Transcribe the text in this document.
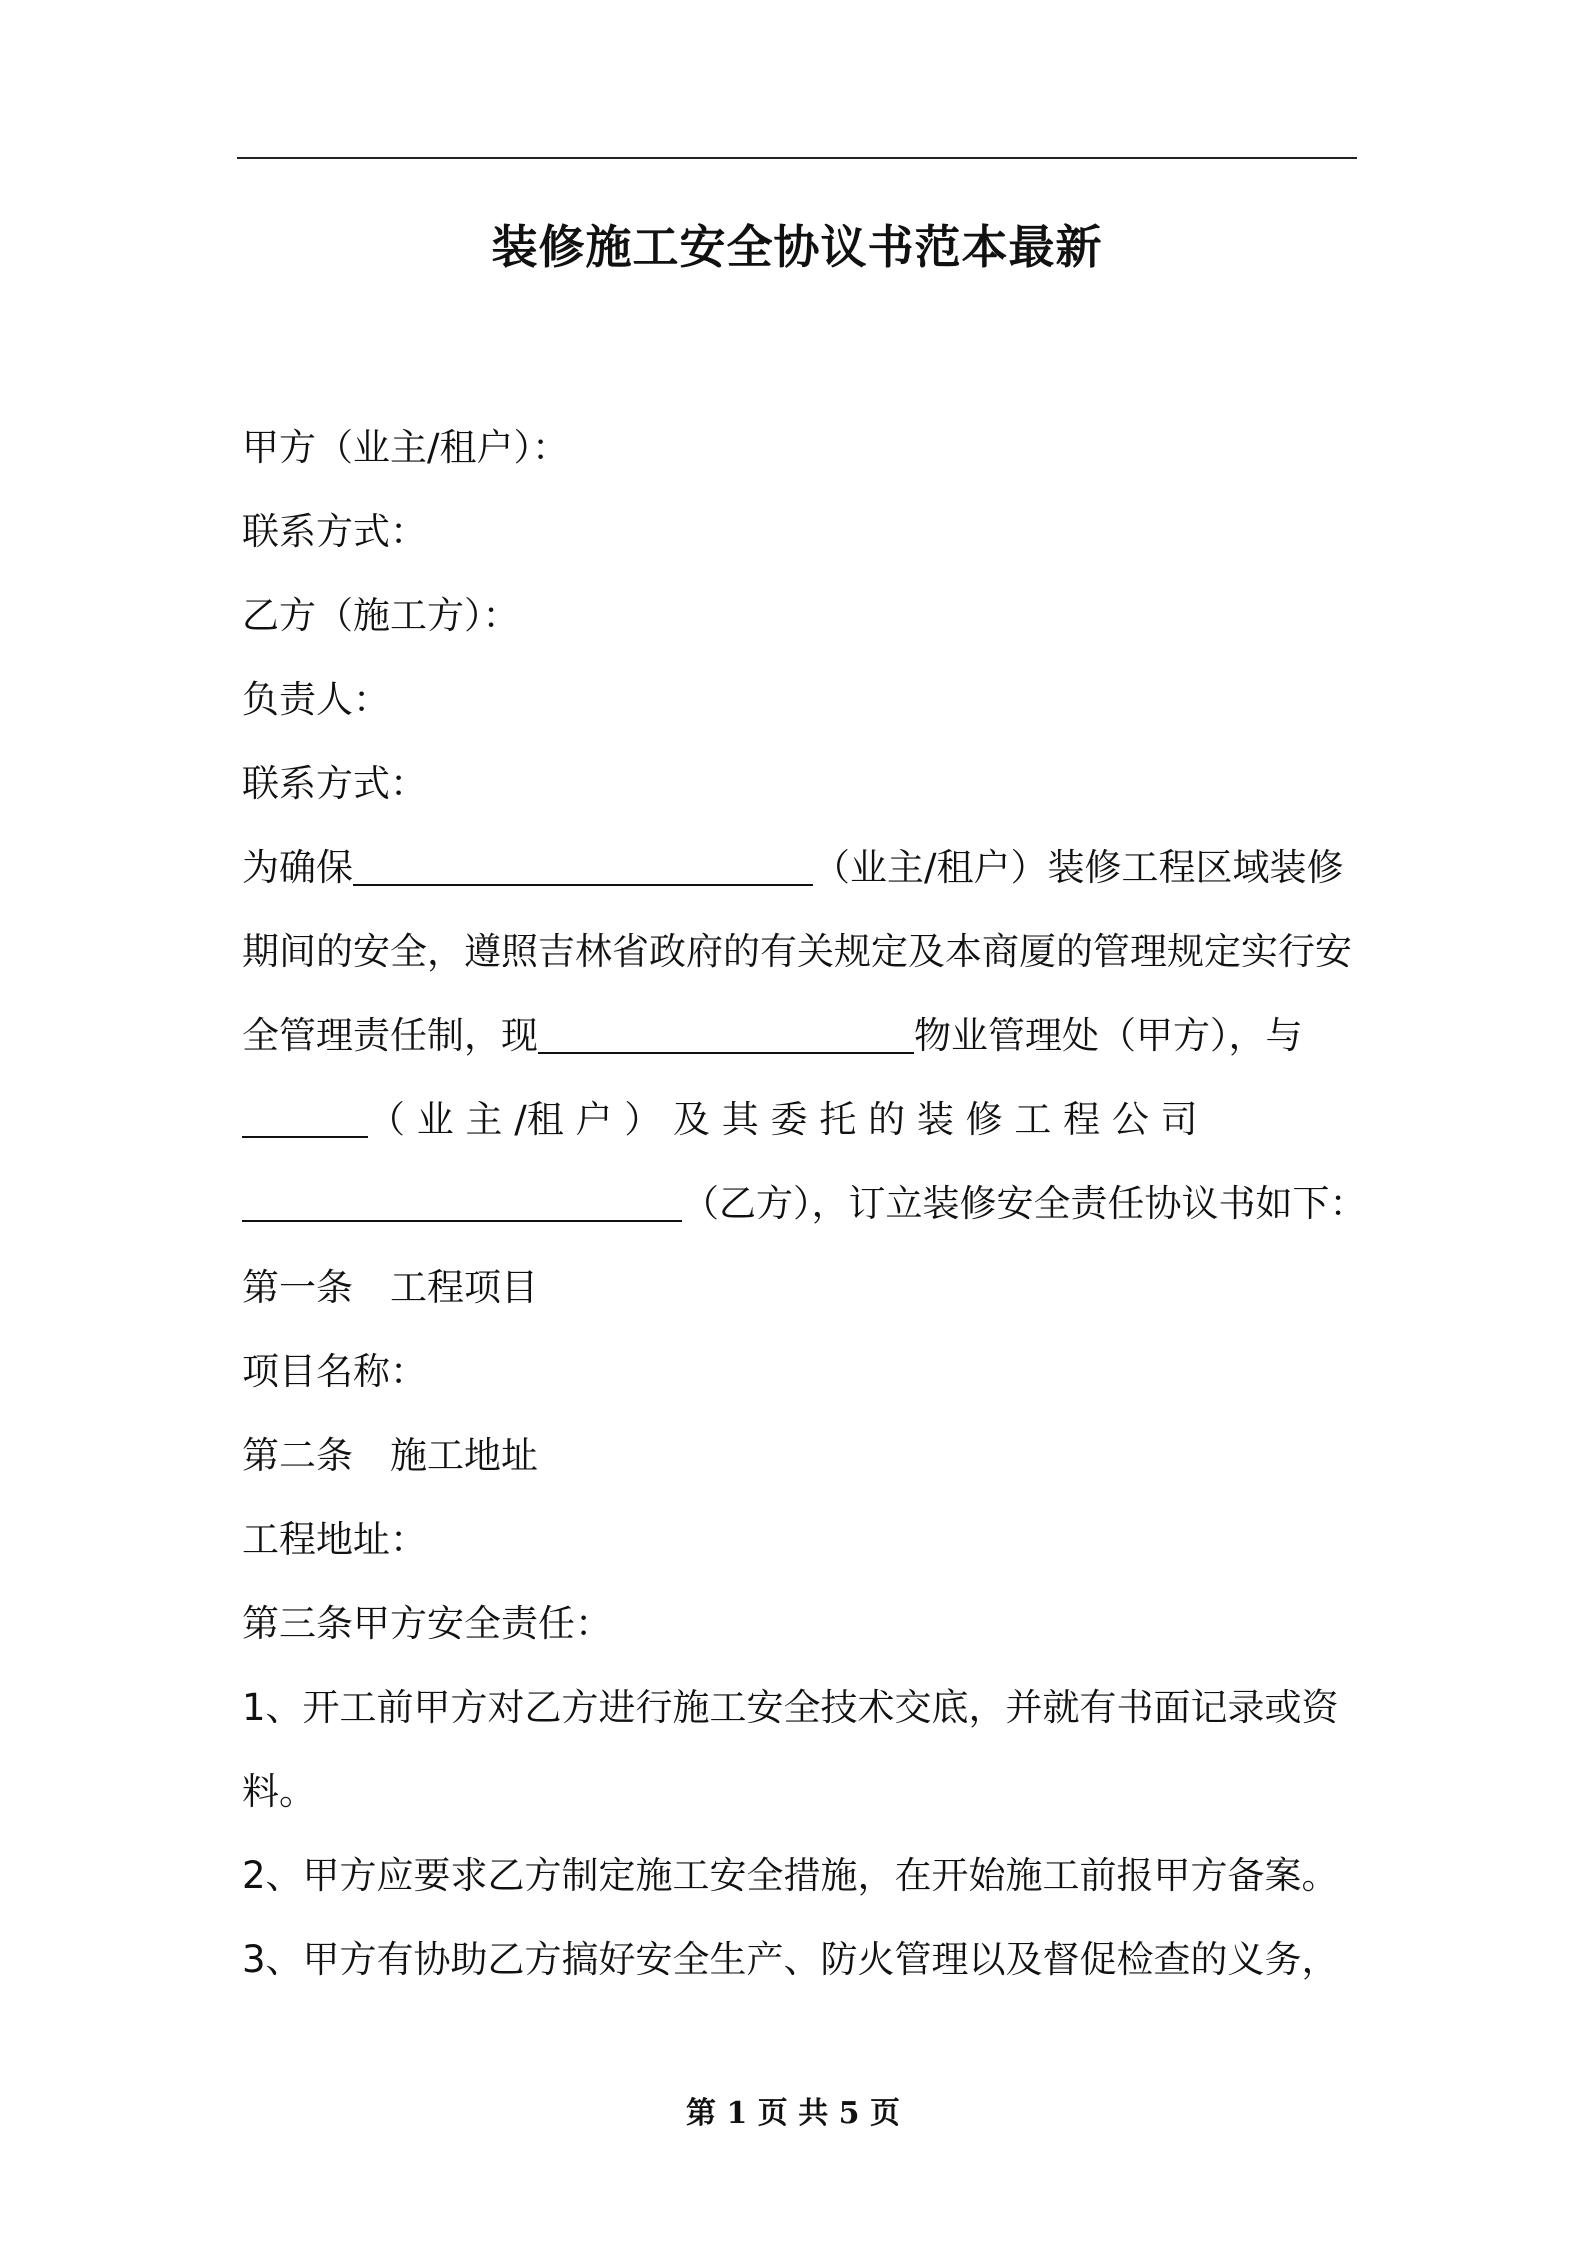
装修施工安全协议书范本最新
甲方（业主/租户）：
联系方式：
乙方（施工方）：
负责人：
联系方式：
为确保	（业主/租户）装修工程区域装修
期间的安全，遵照吉林省政府的有关规定及本商厦的管理规定实行安
全管理责任制，现	物业管理处（甲方），与
（ 业 主 /租 户 ） 及 其 委 托 的 装 修 工 程 公 司
（乙方），订立装修安全责任协议书如下：
第一条　工程项目
项目名称：
第二条　施工地址
工程地址：
第三条甲方安全责任：
1、开工前甲方对乙方进行施工安全技术交底，并就有书面记录或资
料。
2、甲方应要求乙方制定施工安全措施，在开始施工前报甲方备案。
3、甲方有协助乙方搞好安全生产、防火管理以及督促检查的义务，
第 1 页 共 5 页
